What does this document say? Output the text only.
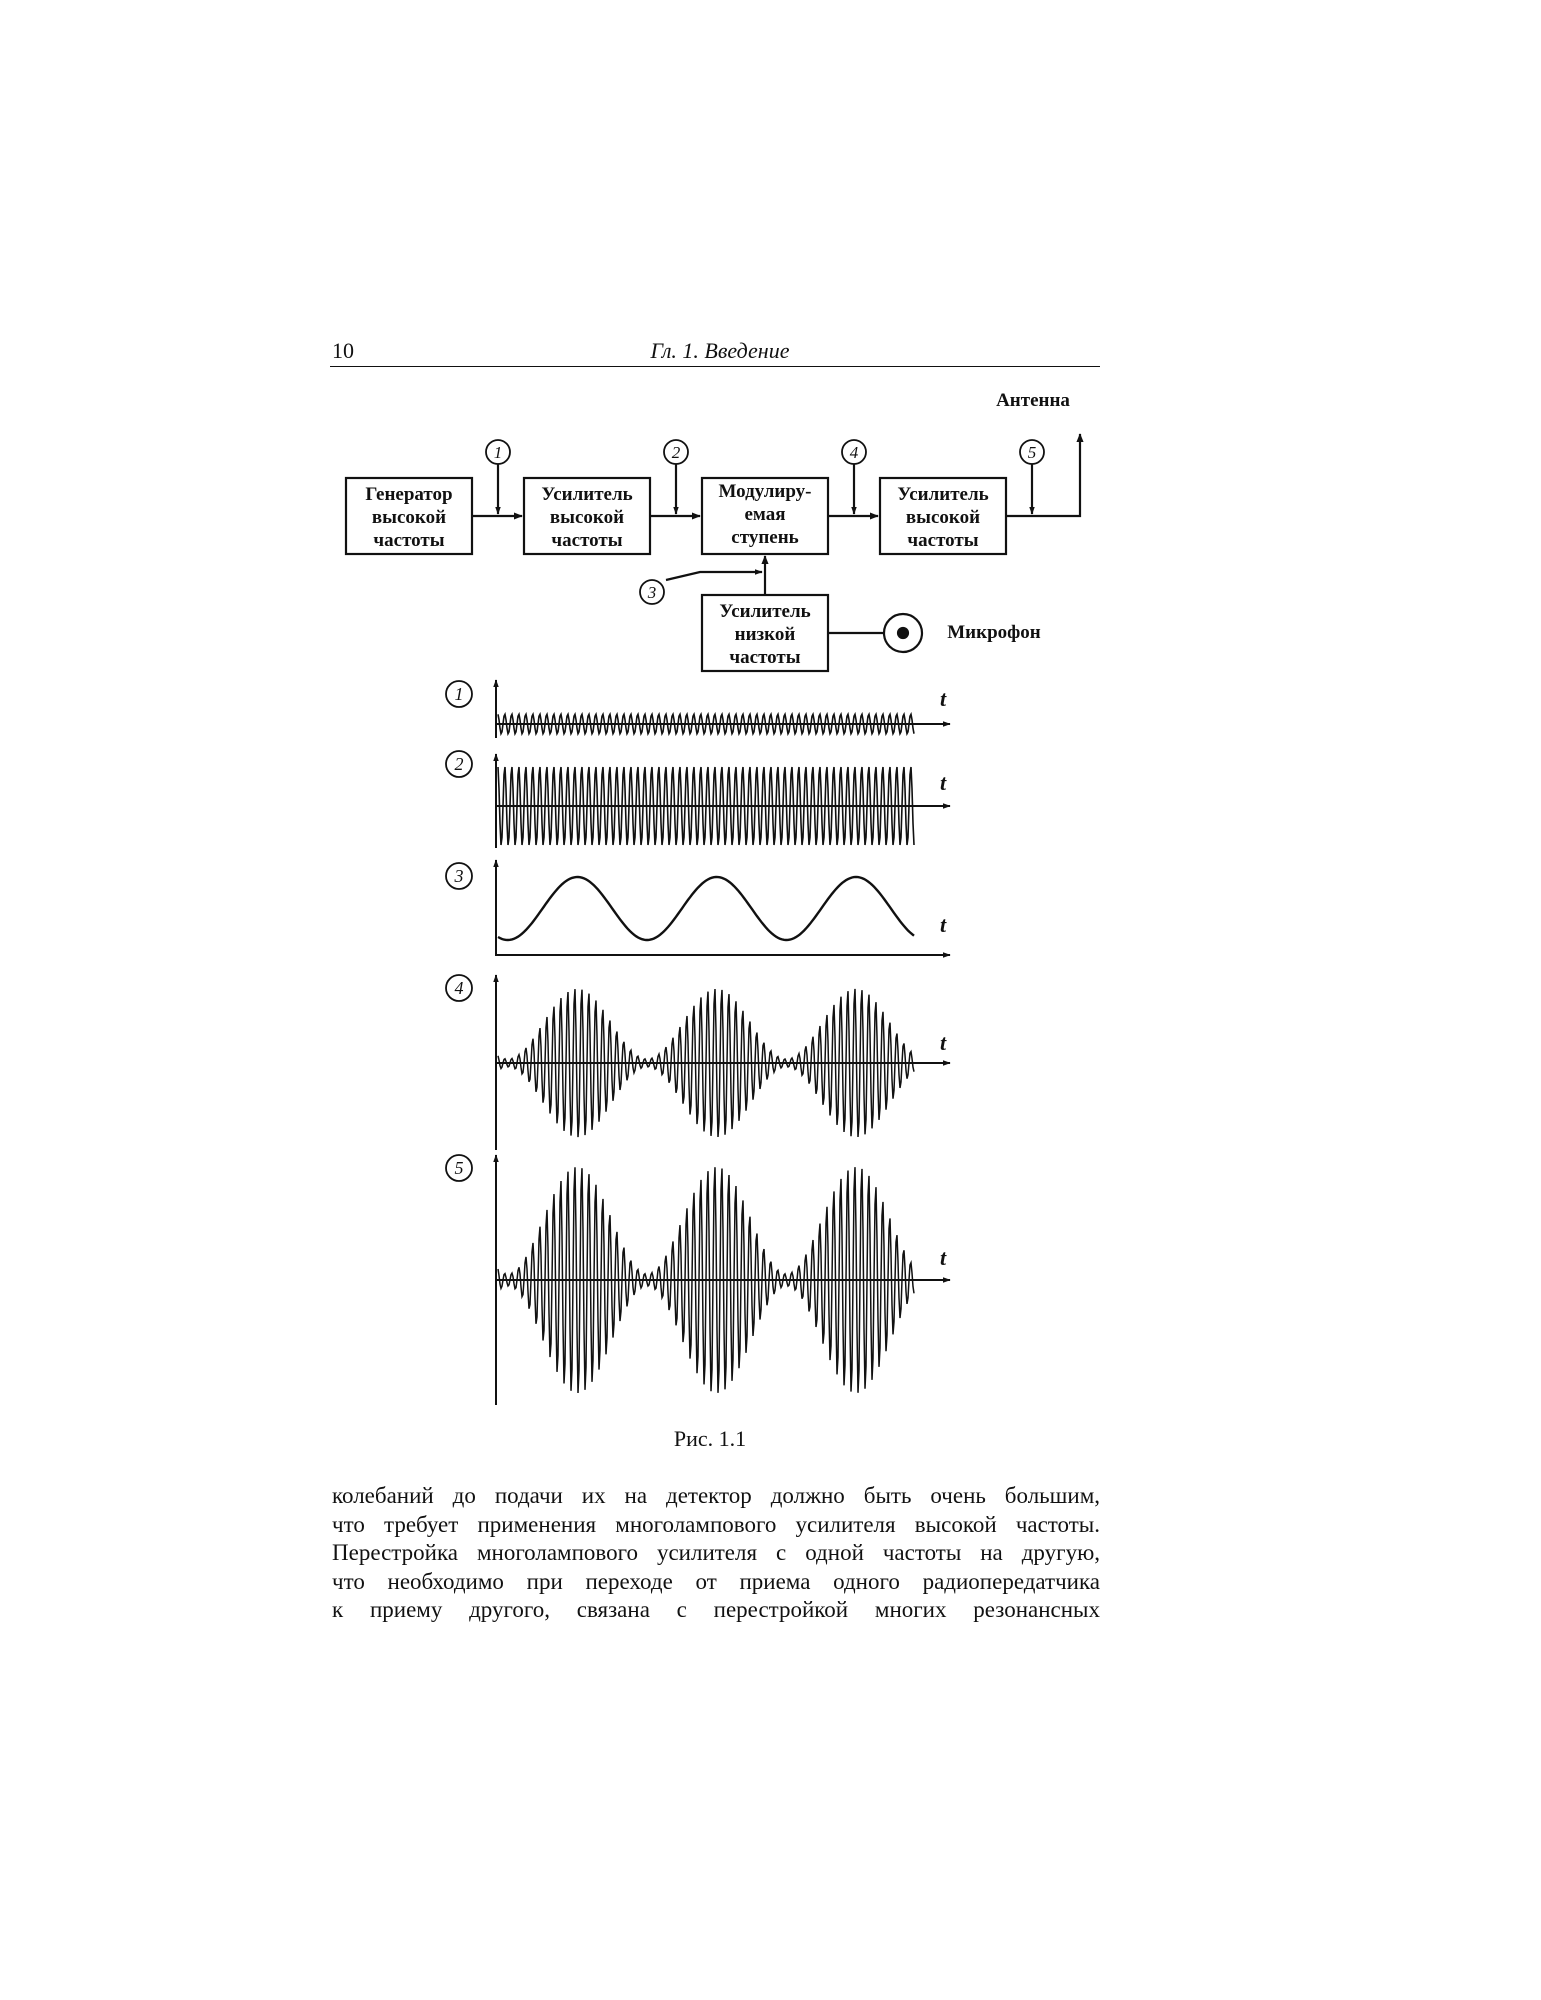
10	Гл. 1. Введение
Генератор
высокой
частоты
Усилитель
высокой
частоты
Модулиру-
емая
ступень
Усилитель
высокой
частоты
Усилитель
низкой
частоты
Антенна
Микрофон
1	2	4	5
3
t
1
t
2
t
3
t
4
t
5
Рис. 1.1
колебаний до подачи их на детектор должно быть очень большим,
что требует применения многолампового усилителя высокой частоты.
Перестройка многолампового усилителя с одной частоты на другую,
что необходимо при переходе от приема одного радиопередатчика
к приему другого, связана с перестройкой многих резонансных
